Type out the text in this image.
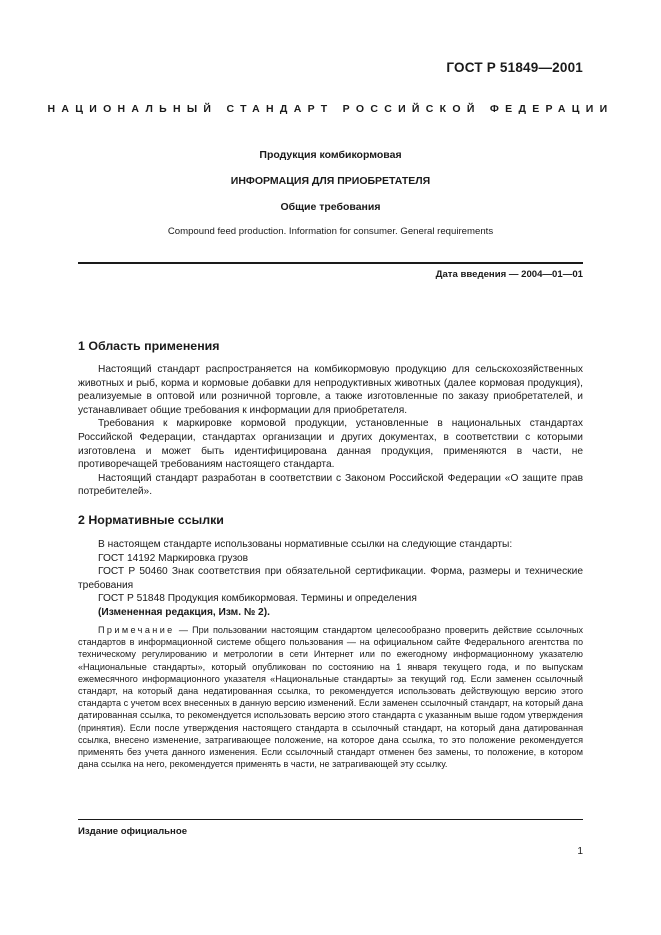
ГОСТ Р 51849—2001
НАЦИОНАЛЬНЫЙ СТАНДАРТ РОССИЙСКОЙ ФЕДЕРАЦИИ
Продукция комбикормовая
ИНФОРМАЦИЯ ДЛЯ ПРИОБРЕТАТЕЛЯ
Общие требования
Compound feed production. Information for consumer. General requirements
Дата введения — 2004—01—01
1 Область применения

Настоящий стандарт распространяется на комбикормовую продукцию для сельскохозяйственных животных и рыб, корма и кормовые добавки для непродуктивных животных (далее кормовая продукция), реализуемые в оптовой или розничной торговле, а также изготовленные по заказу приобретателей, и устанавливает общие требования к информации для приобретателя.

Требования к маркировке кормовой продукции, установленные в национальных стандартах Российской Федерации, стандартах организации и других документах, в соответствии с которыми изготовлена и может быть идентифицирована данная продукция, применяются в части, не противоречащей требованиям настоящего стандарта.

Настоящий стандарт разработан в соответствии с Законом Российской Федерации «О защите прав потребителей».

2 Нормативные ссылки

В настоящем стандарте использованы нормативные ссылки на следующие стандарты:

ГОСТ 14192 Маркировка грузов

ГОСТ Р 50460 Знак соответствия при обязательной сертификации. Форма, размеры и технические требования

ГОСТ Р 51848 Продукция комбикормовая. Термины и определения

(Измененная редакция, Изм. № 2).

Примечание — При пользовании настоящим стандартом целесообразно проверить действие ссылочных стандартов в информационной системе общего пользования — на официальном сайте Федерального агентства по техническому регулированию и метрологии в сети Интернет или по ежегодному информационному указателю «Национальные стандарты», который опубликован по состоянию на 1 января текущего года, и по выпускам ежемесячного информационного указателя «Национальные стандарты» за текущий год. Если заменен ссылочный стандарт, на который дана недатированная ссылка, то рекомендуется использовать действующую версию этого стандарта с учетом всех внесенных в данную версию изменений. Если заменен ссылочный стандарт, на который дана датированная ссылка, то рекомендуется использовать версию этого стандарта с указанным выше годом утверждения (принятия). Если после утверждения настоящего стандарта в ссылочный стандарт, на который дана датированная ссылка, внесено изменение, затрагивающее положение, на которое дана ссылка, то это положение рекомендуется применять без учета данного изменения. Если ссылочный стандарт отменен без замены, то положение, в котором дана ссылка на него, рекомендуется применять в части, не затрагивающей эту ссылку.

Издание официальное
1
